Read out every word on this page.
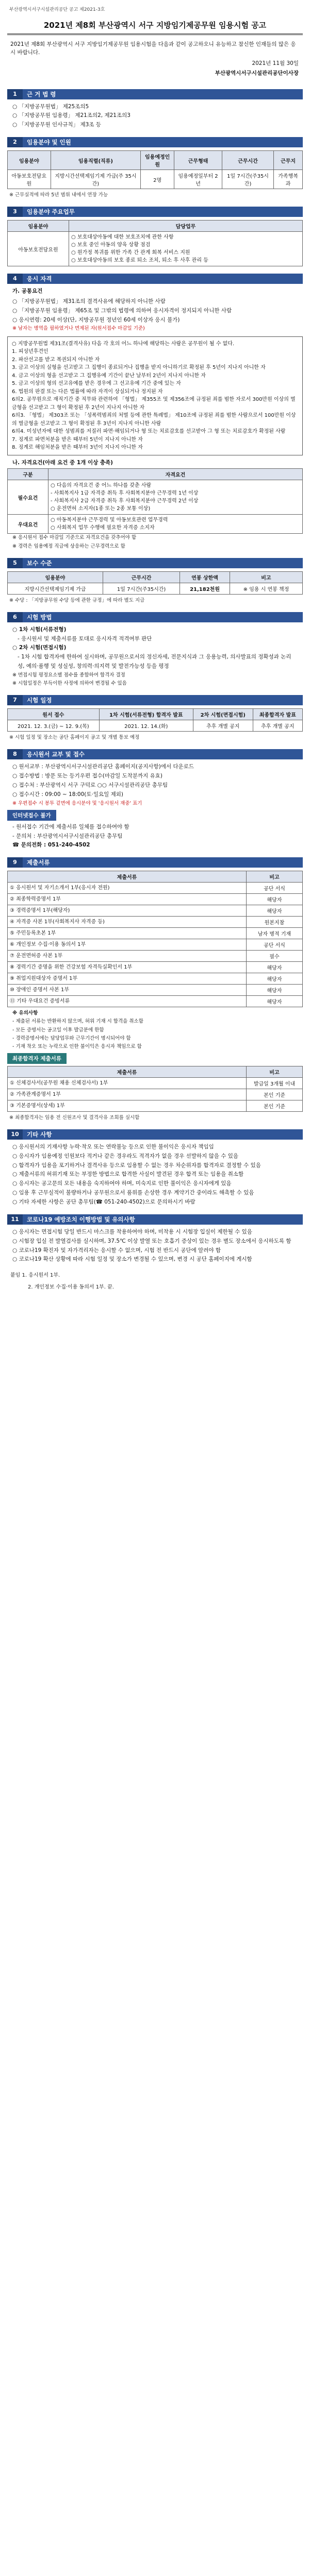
부산광역시서구시설관리공단 공고 제2021-3호
2021년 제8회 부산광역시 서구 지방임기제공무원 임용시험 공고
2021년 제8회 부산광역시 서구 지방임기제공무원 임용시험을 다음과 같이 공고하오니 유능하고 참신한 인재들의 많은 응시 바랍니다.
2021년 11월 30일
부산광역시서구시설관리공단이사장
1	근 거 법 령
○ 「지방공무원법」 제25조의5
○ 「지방공무원 임용령」 제21조의2, 제21조의3
○ 「지방공무원 인사규칙」 제3조 등
2	임용분야 및 인원
임용분야	임용직렬(직류)	임용예정인원	근무형태	근무시간	근무지
아동보호전담요원	지방시간선택제임기제 가급(주 35시간)	2명	임용예정일부터 2년	1일 7시간(주35시간)	가족행복과
※ 근무실적에 따라 5년 범위 내에서 연장 가능
3	임용분야 주요업무
임용분야	담당업무
아동보호전담요원	○ 보호대상아동에 대한 보호조치에 관한 사항
○ 보호 중인 아동의 양육 상황 점검
○ 원가정 복귀를 위한 가족 간 관계 회복 서비스 지원
○ 보호대상아동의 보호 종료 퇴소 조치, 퇴소 후 사후 관리 등
4	응시 자격
가. 공통요건
○ 「지방공무원법」 제31조의 결격사유에 해당하지 아니한 사람
○ 「지방공무원 임용령」 제65조 및 그밖의 법령에 의하여 응시자격이 정지되지 아니한 사람
○ 응시연령: 20세 이상(단, 지방공무원 정년인 60세 이상자 응시 불가)
※ 남자는 병역을 필하였거나 면제된 자(원서접수 마감일 기준)
○ 지방공무원법 제31조(결격사유) 다음 각 호의 어느 하나에 해당하는 사람은 공무원이 될 수 없다.
1. 피성년후견인
2. 파산선고를 받고 복권되지 아니한 자
3. 금고 이상의 실형을 선고받고 그 집행이 종료되거나 집행을 받지 아니하기로 확정된 후 5년이 지나지 아니한 자
4. 금고 이상의 형을 선고받고 그 집행유예 기간이 끝난 날부터 2년이 지나지 아니한 자
5. 금고 이상의 형의 선고유예를 받은 경우에 그 선고유예 기간 중에 있는 자
6. 법원의 판결 또는 다른 법률에 따라 자격이 상실되거나 정지된 자
6의2. 공무원으로 재직기간 중 직무와 관련하여 「형법」 제355조 및 제356조에 규정된 죄를 범한 자로서 300만원 이상의 벌금형을 선고받고 그 형이 확정된 후 2년이 지나지 아니한 자
6의3. 「형법」 제303조 또는 「성폭력범죄의 처벌 등에 관한 특례법」 제10조에 규정된 죄를 범한 사람으로서 100만원 이상의 벌금형을 선고받고 그 형이 확정된 후 3년이 지나지 아니한 사람
6의4. 미성년자에 대한 성범죄를 저질러 파면·해임되거나 형 또는 치료감호를 선고받아 그 형 또는 치료감호가 확정된 사람
7. 징계로 파면처분을 받은 때부터 5년이 지나지 아니한 자
8. 징계로 해임처분을 받은 때부터 3년이 지나지 아니한 자
나. 자격요건(아래 요건 중 1개 이상 충족)
구분	자격요건
필수요건	○ 다음의 자격요건 중 어느 하나를 갖춘 사람
- 사회복지사 1급 자격증 취득 후 사회복지분야 근무경력 1년 이상
- 사회복지사 2급 자격증 취득 후 사회복지분야 근무경력 2년 이상
○ 운전면허 소지자(1종 또는 2종 보통 이상)
우대요건	○ 아동복지분야 근무경력 및 아동보호관련 업무경력
○ 사회복지 업무 수행에 필요한 자격증 소지자
※ 응시원서 접수 마감일 기준으로 자격요건을 갖추어야 함
※ 경력은 임용예정 직급에 상응하는 근무경력으로 함
5	보수 수준
임용분야	근무시간	연봉 상한액	비고
지방시간선택제임기제 가급	1일 7시간(주35시간)	21,182천원	※ 임용 시 연봉 책정
※ 수당 : 「지방공무원 수당 등에 관한 규정」에 따라 별도 지급
6	시험 방법
○ 1차 시험(서류전형)
- 응시원서 및 제출서류를 토대로 응시자격 적격여부 판단
○ 2차 시험(면접시험)
- 1차 시험 합격자에 한하여 실시하며, 공무원으로서의 정신자세, 전문지식과 그 응용능력, 의사발표의 정확성과 논리성, 예의·품행 및 성실성, 창의력·의지력 및 발전가능성 등을 평정
※ 면접시험 평정요소별 점수를 종합하여 합격자 결정
※ 시험일정은 부득이한 사정에 의하여 변경될 수 있음
7	시험 일정
원서 접수	1차 시험(서류전형) 합격자 발표	2차 시험(면접시험)	최종합격자 발표
2021. 12. 3.(금) ~ 12. 9.(목)	2021. 12. 14.(화)	추후 개별 공지	추후 개별 공지
※ 시험 일정 및 장소는 공단 홈페이지 공고 및 개별 통보 예정
8	응시원서 교부 및 접수
○ 원서교부 : 부산광역시서구시설관리공단 홈페이지(공지사항)에서 다운로드
○ 접수방법 : 방문 또는 등기우편 접수(마감일 도착분까지 유효)
○ 접수처 : 부산광역시 서구 구덕로 ○○ 서구시설관리공단 총무팀
○ 접수시간 : 09:00 ~ 18:00(토·일요일 제외)
※ 우편접수 시 봉투 겉면에 응시분야 및 '응시원서 재중' 표기
인터넷접수 불가
- 원서접수 기간에 제출서류 일체를 접수하여야 함
- 문의처 : 부산광역시서구시설관리공단 총무팀
☎ 문의전화 : 051-240-4502
9	제출서류
제출서류	비고
① 응시원서 및 자기소개서 1부(응시자 전원)	공단 서식
② 최종학력증명서 1부	해당자
③ 경력증명서 1부(해당자)	해당자
④ 자격증 사본 1부(사회복지사 자격증 등)	원본지참
⑤ 주민등록초본 1부	남자 병적 기재
⑥ 개인정보 수집·이용 동의서 1부	공단 서식
⑦ 운전면허증 사본 1부	필수
⑧ 경력기간 증명을 위한 건강보험 자격득실확인서 1부	해당자
⑨ 취업지원대상자 증명서 1부	해당자
⑩ 장애인 증명서 사본 1부	해당자
⑪ 기타 우대요건 증빙서류	해당자
※ 유의사항
- 제출된 서류는 반환하지 않으며, 허위 기재 시 합격을 취소함
- 모든 증명서는 공고일 이후 발급분에 한함
- 경력증명서에는 담당업무와 근무기간이 명시되어야 함
- 기재 착오 또는 누락으로 인한 불이익은 응시자 책임으로 함
최종합격자 제출서류
제출서류	비고
① 신체검사서(공무원 채용 신체검사서) 1부	발급일 3개월 이내
② 가족관계증명서 1부	본인 기준
③ 기본증명서(상세) 1부	본인 기준
※ 최종합격자는 임용 전 신원조사 및 결격사유 조회를 실시함
10	기타 사항
○ 응시원서의 기재사항 누락·착오 또는 연락불능 등으로 인한 불이익은 응시자 책임임
○ 응시자가 임용예정 인원보다 적거나 같은 경우라도 적격자가 없을 경우 선발하지 않을 수 있음
○ 합격자가 임용을 포기하거나 결격사유 등으로 임용할 수 없는 경우 차순위자를 합격자로 결정할 수 있음
○ 제출서류의 허위기재 또는 부정한 방법으로 합격한 사실이 발견된 경우 합격 또는 임용을 취소함
○ 응시자는 공고문의 모든 내용을 숙지하여야 하며, 미숙지로 인한 불이익은 응시자에게 있음
○ 임용 후 근무실적이 불량하거나 공무원으로서 품위를 손상한 경우 계약기간 중이라도 해촉할 수 있음
○ 기타 자세한 사항은 공단 총무팀(☎ 051-240-4502)으로 문의하시기 바람
11	코로나19 예방조치 이행방법 및 유의사항
○ 응시자는 면접시험 당일 반드시 마스크를 착용하여야 하며, 미착용 시 시험장 입실이 제한될 수 있음
○ 시험장 입실 전 발열검사를 실시하며, 37.5℃ 이상 발열 또는 호흡기 증상이 있는 경우 별도 장소에서 응시하도록 함
○ 코로나19 확진자 및 자가격리자는 응시할 수 없으며, 시험 전 반드시 공단에 알려야 함
○ 코로나19 확산 상황에 따라 시험 일정 및 장소가 변경될 수 있으며, 변경 시 공단 홈페이지에 게시함
붙임 1. 응시원서 1부.
2. 개인정보 수집·이용 동의서 1부. 끝.
